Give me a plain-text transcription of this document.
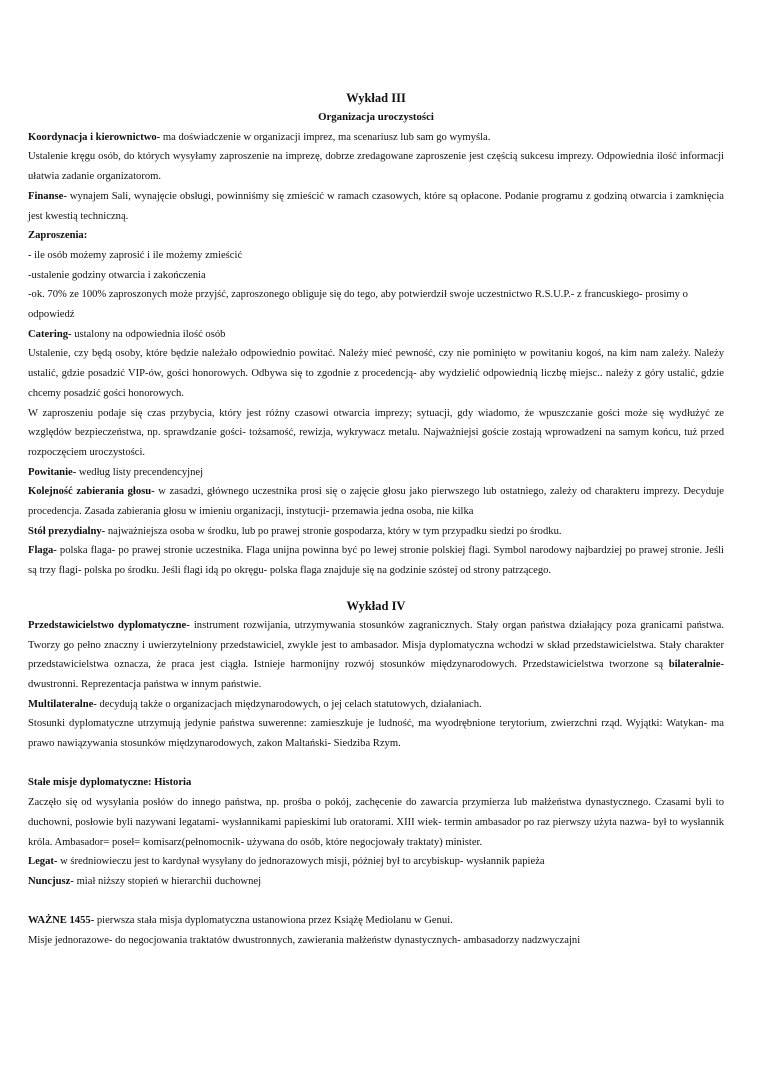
Wykład III
Organizacja uroczystości

Koordynacja i kierownictwo- ma doświadczenie w organizacji imprez, ma scenariusz lub sam go wymyśla.

Ustalenie kręgu osób, do których wysyłamy zaproszenie na imprezę, dobrze zredagowane zaproszenie jest częścią sukcesu imprezy. Odpowiednia ilość informacji ułatwia zadanie organizatorom.

Finanse- wynajem Sali, wynajęcie obsługi, powinniśmy się zmieścić w ramach czasowych, które są opłacone. Podanie programu z godziną otwarcia i zamknięcia jest kwestią techniczną.

Zaproszenia:

- ile osób możemy zaprosić i ile możemy zmieścić

-ustalenie godziny otwarcia i zakończenia

-ok. 70% ze 100% zaproszonych może przyjść, zaproszonego obliguje się do tego, aby potwierdził swoje uczestnictwo R.S.U.P.- z francuskiego- prosimy o odpowiedź

Catering- ustalony na odpowiednia ilość osób

Ustalenie, czy będą osoby, które będzie należało odpowiednio powitać. Należy mieć pewność, czy nie pominięto w powitaniu kogoś, na kim nam zależy. Należy ustalić, gdzie posadzić VIP-ów, gości honorowych. Odbywa się to zgodnie z procedencją- aby wydzielić odpowiednią liczbę miejsc.. należy z góry ustalić, gdzie chcemy posadzić gości honorowych.

W zaproszeniu podaje się czas przybycia, który jest różny czasowi otwarcia imprezy; sytuacji, gdy wiadomo, że wpuszczanie gości może się wydłużyć ze względów bezpieczeństwa, np. sprawdzanie gości- tożsamość, rewizja, wykrywacz metalu. Najważniejsi goście zostają wprowadzeni na samym końcu, tuż przed rozpoczęciem uroczystości.

Powitanie- według listy precendencyjnej

Kolejność zabierania głosu- w zasadzi, głównego uczestnika prosi się o zajęcie głosu jako pierwszego lub ostatniego, zależy od charakteru imprezy. Decyduje procedencja. Zasada zabierania głosu w imieniu organizacji, instytucji- przemawia jedna osoba, nie kilka

Stół prezydialny- najważniejsza osoba w środku, lub po prawej stronie gospodarza, który w tym przypadku siedzi po środku.

Flaga- polska flaga- po prawej stronie uczestnika. Flaga unijna powinna być po lewej stronie polskiej flagi. Symbol narodowy najbardziej po prawej stronie. Jeśli są trzy flagi- polska po środku. Jeśli flagi idą po okręgu- polska flaga znajduje się na godzinie szóstej od strony patrzącego.

Wykład IV

Przedstawicielstwo dyplomatyczne- instrument rozwijania, utrzymywania stosunków zagranicznych. Stały organ państwa działający poza granicami państwa. Tworzy go pełno znaczny i uwierzytelniony przedstawiciel, zwykle jest to ambasador. Misja dyplomatyczna wchodzi w skład przedstawicielstwa. Stały charakter przedstawicielstwa oznacza, że praca jest ciągła. Istnieje harmonijny rozwój stosunków międzynarodowych. Przedstawicielstwa tworzone są bilateralnie- dwustronni. Reprezentacja państwa w innym państwie.

Multilateralne- decydują także o organizacjach międzynarodowych, o jej celach statutowych, działaniach.

Stosunki dyplomatyczne utrzymują jedynie państwa suwerenne: zamieszkuje je ludność, ma wyodrębnione terytorium, zwierzchni rząd. Wyjątki: Watykan- ma prawo nawiązywania stosunków międzynarodowych, zakon Maltański- Siedziba Rzym.

Stałe misje dyplomatyczne: Historia

Zaczęło się od wysyłania posłów do innego państwa, np. prośba o pokój, zachęcenie do zawarcia przymierza lub małżeństwa dynastycznego. Czasami byli to duchowni, posłowie byli nazywani legatami- wysłannikami papieskimi lub oratorami. XIII wiek- termin ambasador po raz pierwszy użyta nazwa- był to wysłannik króla. Ambasador= poseł= komisarz(pełnomocnik- używana do osób, które negocjowały traktaty) minister.

Legat- w średniowieczu jest to kardynał wysyłany do jednorazowych misji, później był to arcybiskup- wysłannik papieża

Nuncjusz- miał niższy stopień w hierarchii duchownej

WAŻNE 1455- pierwsza stała misja dyplomatyczna ustanowiona przez Książę Mediolanu w Genui.

Misje jednorazowe- do negocjowania traktatów dwustronnych, zawierania małżeństw dynastycznych- ambasadorzy nadzwyczajni
